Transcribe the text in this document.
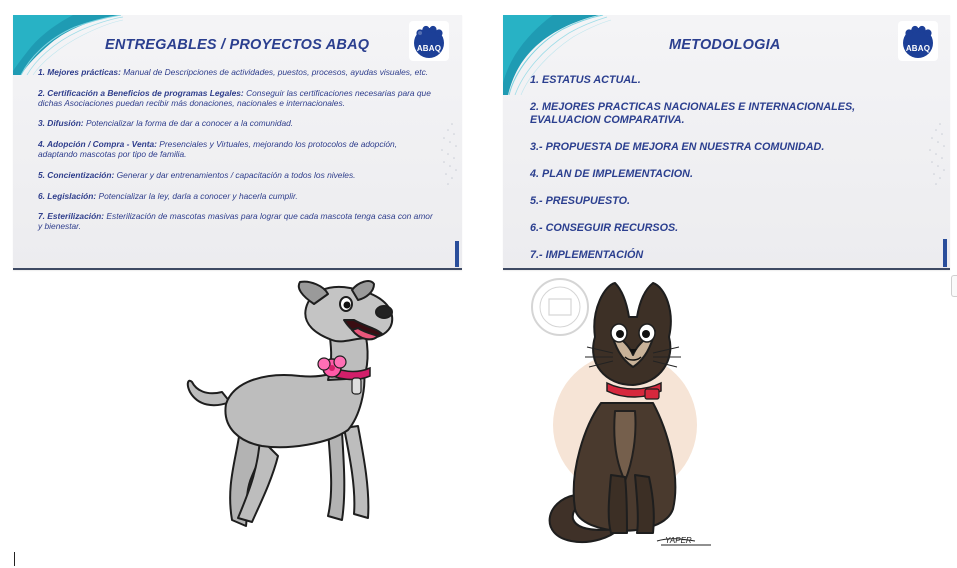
ABAQ
ENTREGABLES / PROYECTOS ABAQ
1. Mejores prácticas: Manual de Descripciones de actividades, puestos, procesos, ayudas visuales, etc.
2. Certificación a Beneficios de programas Legales: Conseguir las certificaciones necesarias para que dichas Asociaciones puedan recibir más donaciones, nacionales e internacionales.
3. Difusión: Potencializar la forma de dar a conocer a la comunidad.
4. Adopción / Compra - Venta: Presenciales y Virtuales, mejorando los protocolos de adopción, adaptando mascotas por tipo de familia.
5. Concientización: Generar y dar entrenamientos / capacitación a todos los niveles.
6. Legislación: Potencializar la ley, darla a conocer y hacerla cumplir.
7. Esterilización: Esterilización de mascotas masivas para lograr que cada mascota tenga casa con amor y bienestar.
ABAQ
METODOLOGIA
1. ESTATUS ACTUAL.
2. MEJORES PRACTICAS NACIONALES E INTERNACIONALES, EVALUACION COMPARATIVA.
3.- PROPUESTA DE MEJORA EN NUESTRA COMUNIDAD.
4. PLAN DE IMPLEMENTACION.
5.- PRESUPUESTO.
6.- CONSEGUIR RECURSOS.
7.- IMPLEMENTACIÓN
YAPER
